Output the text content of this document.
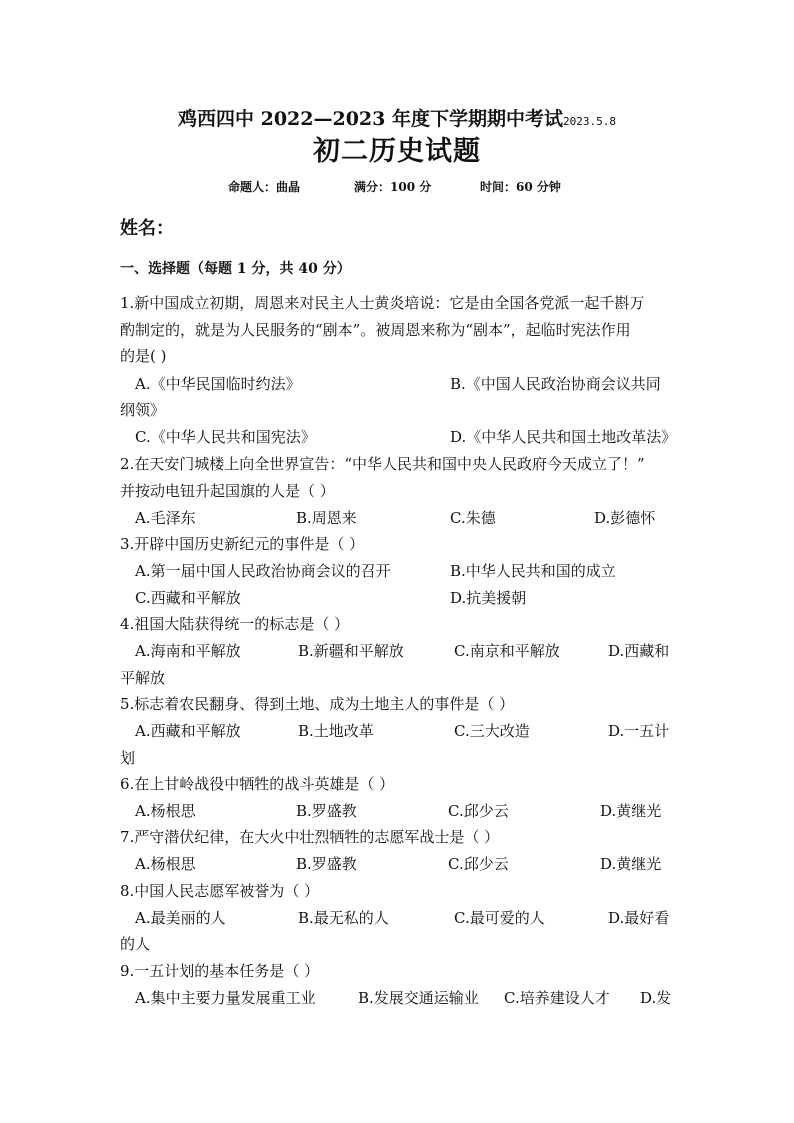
鸡西四中 2022—2023 年度下学期期中考试2023.5.8
初二历史试题
命题人：曲晶	满分：100 分	时间：60 分钟
姓名：
一、选择题（每题 1 分，共 40 分）
1.新中国成立初期，周恩来对民主人士黄炎培说：它是由全国各党派一起千斟万
酌制定的，就是为人民服务的“剧本”。被周恩来称为“剧本”，起临时宪法作用
的是( )
A.《中华民国临时约法》	B.《中国人民政治协商会议共同
纲领》
C.《中华人民共和国宪法》	D.《中华人民共和国土地改革法》
2.在天安门城楼上向全世界宣告：“中华人民共和国中央人民政府今天成立了！”
并按动电钮升起国旗的人是（ ）
A.毛泽东	B.周恩来	C.朱德	D.彭德怀
3.开辟中国历史新纪元的事件是（ ）
A.第一届中国人民政治协商会议的召开	B.中华人民共和国的成立
C.西藏和平解放	D.抗美援朝
4.祖国大陆获得统一的标志是（ ）
A.海南和平解放	B.新疆和平解放	C.南京和平解放	D.西藏和
平解放
5.标志着农民翻身、得到土地、成为土地主人的事件是（ ）
A.西藏和平解放	B.土地改革	C.三大改造	D.一五计
划
6.在上甘岭战役中牺牲的战斗英雄是（ ）
A.杨根思	B.罗盛教	C.邱少云	D.黄继光
7.严守潜伏纪律，在大火中壮烈牺牲的志愿军战士是（ ）
A.杨根思	B.罗盛教	C.邱少云	D.黄继光
8.中国人民志愿军被誉为（ ）
A.最美丽的人	B.最无私的人	C.最可爱的人	D.最好看
的人
9.一五计划的基本任务是（ ）
A.集中主要力量发展重工业	B.发展交通运输业 C.培养建设人才 D.发
